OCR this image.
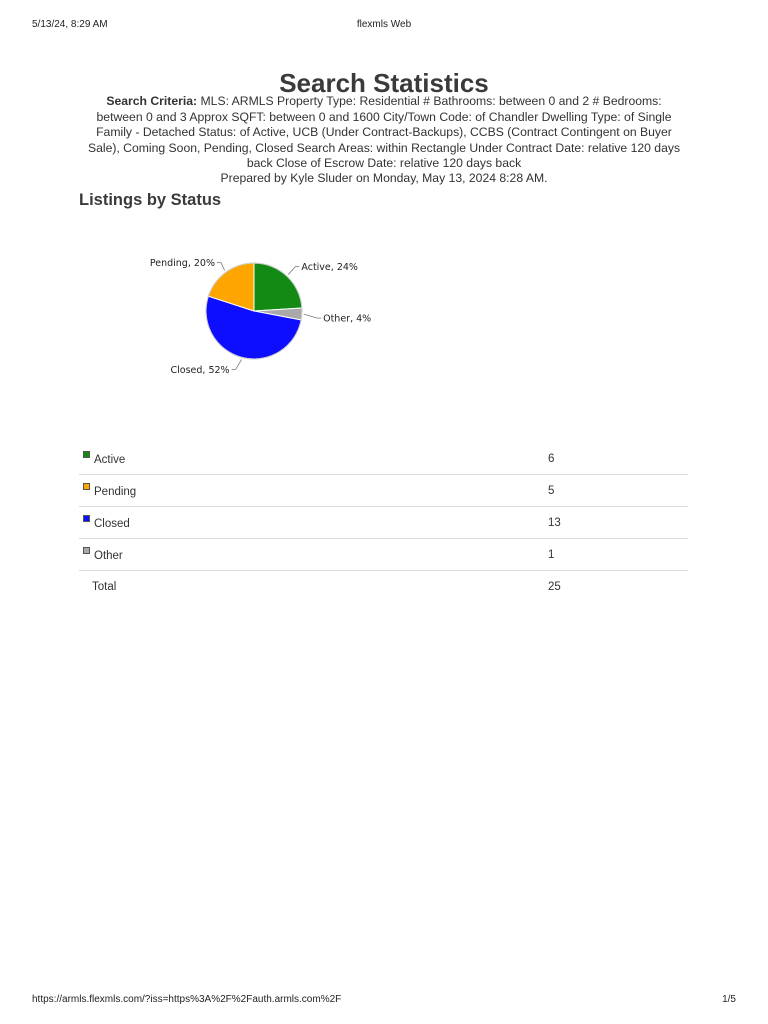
5/13/24, 8:29 AM	flexmls Web
Search Statistics
Search Criteria: MLS: ARMLS Property Type: Residential # Bathrooms: between 0 and 2 # Bedrooms: between 0 and 3 Approx SQFT: between 0 and 1600 City/Town Code: of Chandler Dwelling Type: of Single Family - Detached Status: of Active, UCB (Under Contract-Backups), CCBS (Contract Contingent on Buyer Sale), Coming Soon, Pending, Closed Search Areas: within Rectangle Under Contract Date: relative 120 days back Close of Escrow Date: relative 120 days back
Prepared by Kyle Sluder on Monday, May 13, 2024 8:28 AM.
Listings by Status
Active, 24%
Other, 4%
Closed, 52%
Pending, 20%
Active	6
Pending	5
Closed	13
Other	1
Total	25
https://armls.flexmls.com/?iss=https%3A%2F%2Fauth.armls.com%2F	1/5
